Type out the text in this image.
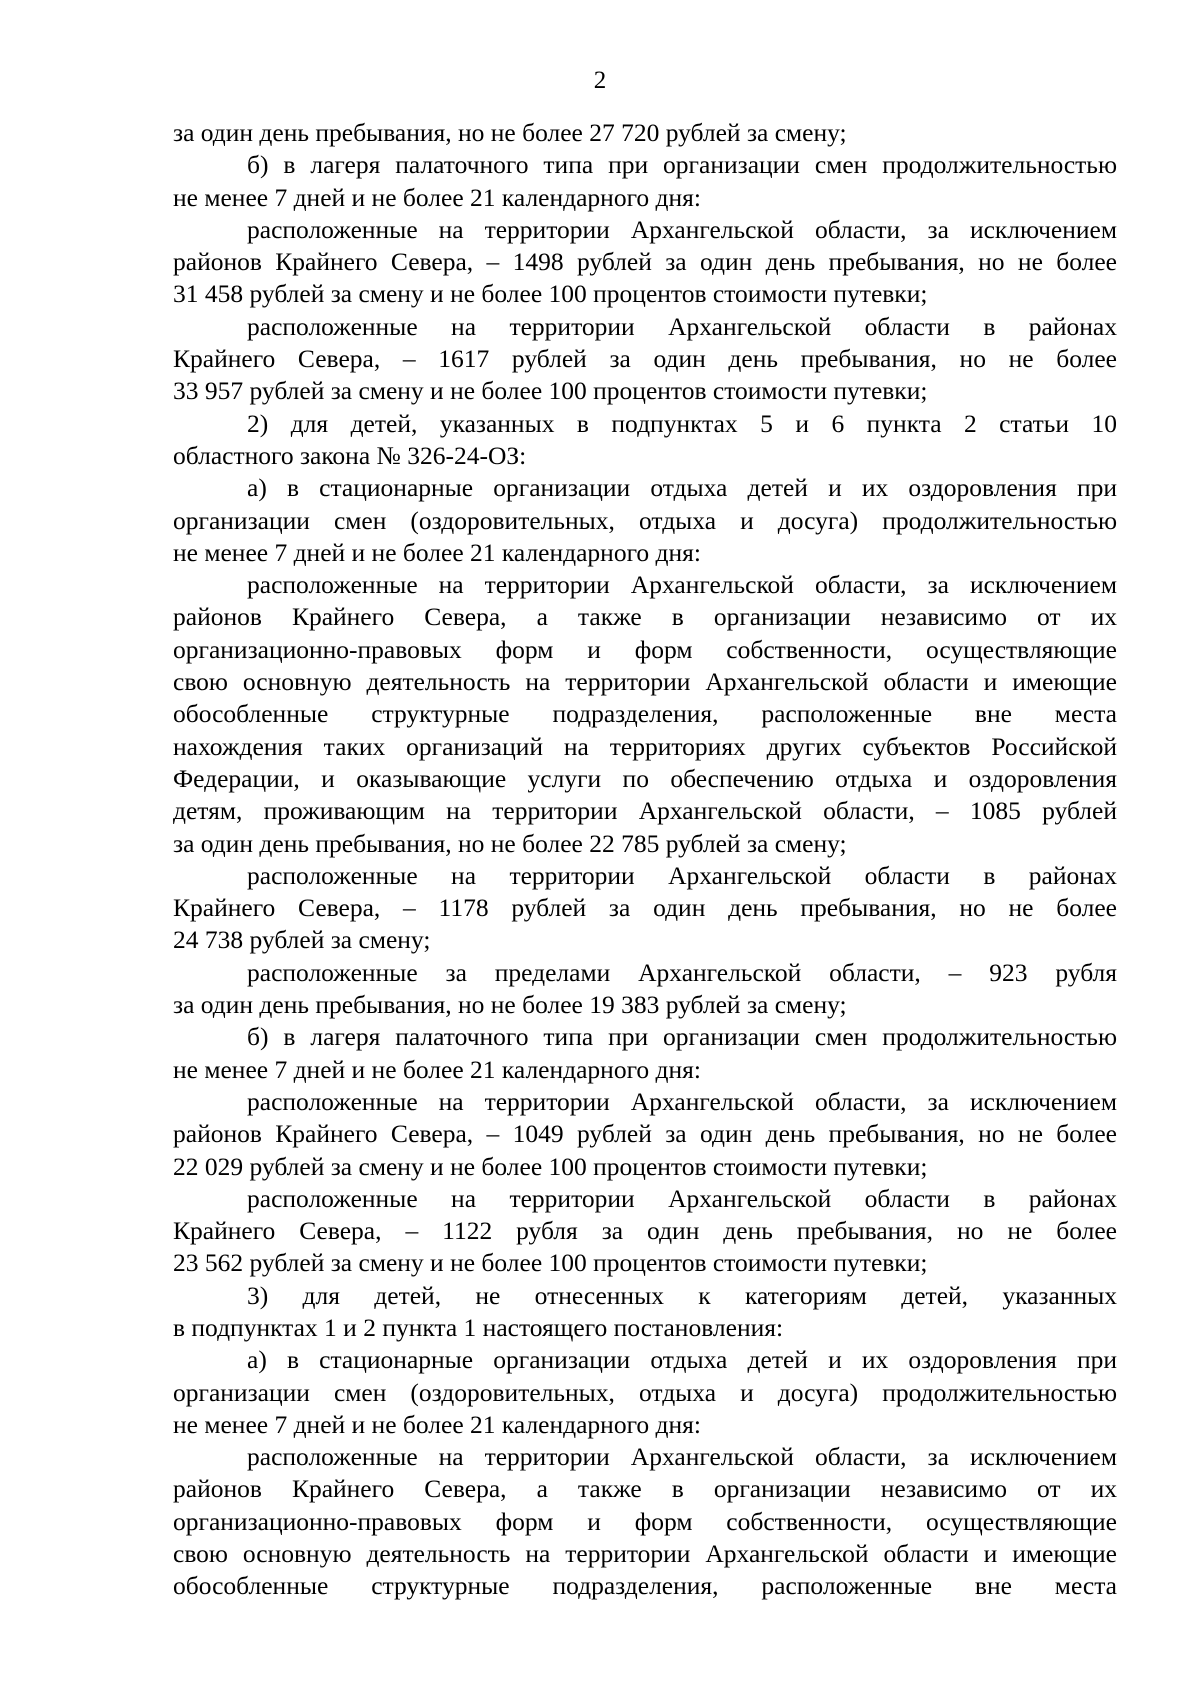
2
за один день пребывания, но не более 27 720 рублей за смену;
б) в лагеря палаточного типа при организации смен продолжительностью
не менее 7 дней и не более 21 календарного дня:
расположенные на территории Архангельской области, за исключением
районов Крайнего Севера, – 1498 рублей за один день пребывания, но не более
31 458 рублей за смену и не более 100 процентов стоимости путевки;
расположенные на территории Архангельской области в районах
Крайнего Севера, – 1617 рублей за один день пребывания, но не более
33 957 рублей за смену и не более 100 процентов стоимости путевки;
2) для детей, указанных в подпунктах 5 и 6 пункта 2 статьи 10
областного закона № 326-24-ОЗ:
а) в стационарные организации отдыха детей и их оздоровления при
организации смен (оздоровительных, отдыха и досуга) продолжительностью
не менее 7 дней и не более 21 календарного дня:
расположенные на территории Архангельской области, за исключением
районов Крайнего Севера, а также в организации независимо от их
организационно-правовых форм и форм собственности, осуществляющие
свою основную деятельность на территории Архангельской области и имеющие
обособленные структурные подразделения, расположенные вне места
нахождения таких организаций на территориях других субъектов Российской
Федерации, и оказывающие услуги по обеспечению отдыха и оздоровления
детям, проживающим на территории Архангельской области, – 1085 рублей
за один день пребывания, но не более 22 785 рублей за смену;
расположенные на территории Архангельской области в районах
Крайнего Севера, – 1178 рублей за один день пребывания, но не более
24 738 рублей за смену;
расположенные за пределами Архангельской области, – 923 рубля
за один день пребывания, но не более 19 383 рублей за смену;
б) в лагеря палаточного типа при организации смен продолжительностью
не менее 7 дней и не более 21 календарного дня:
расположенные на территории Архангельской области, за исключением
районов Крайнего Севера, – 1049 рублей за один день пребывания, но не более
22 029 рублей за смену и не более 100 процентов стоимости путевки;
расположенные на территории Архангельской области в районах
Крайнего Севера, – 1122 рубля за один день пребывания, но не более
23 562 рублей за смену и не более 100 процентов стоимости путевки;
3) для детей, не отнесенных к категориям детей, указанных
в подпунктах 1 и 2 пункта 1 настоящего постановления:
а) в стационарные организации отдыха детей и их оздоровления при
организации смен (оздоровительных, отдыха и досуга) продолжительностью
не менее 7 дней и не более 21 календарного дня:
расположенные на территории Архангельской области, за исключением
районов Крайнего Севера, а также в организации независимо от их
организационно-правовых форм и форм собственности, осуществляющие
свою основную деятельность на территории Архангельской области и имеющие
обособленные структурные подразделения, расположенные вне места
